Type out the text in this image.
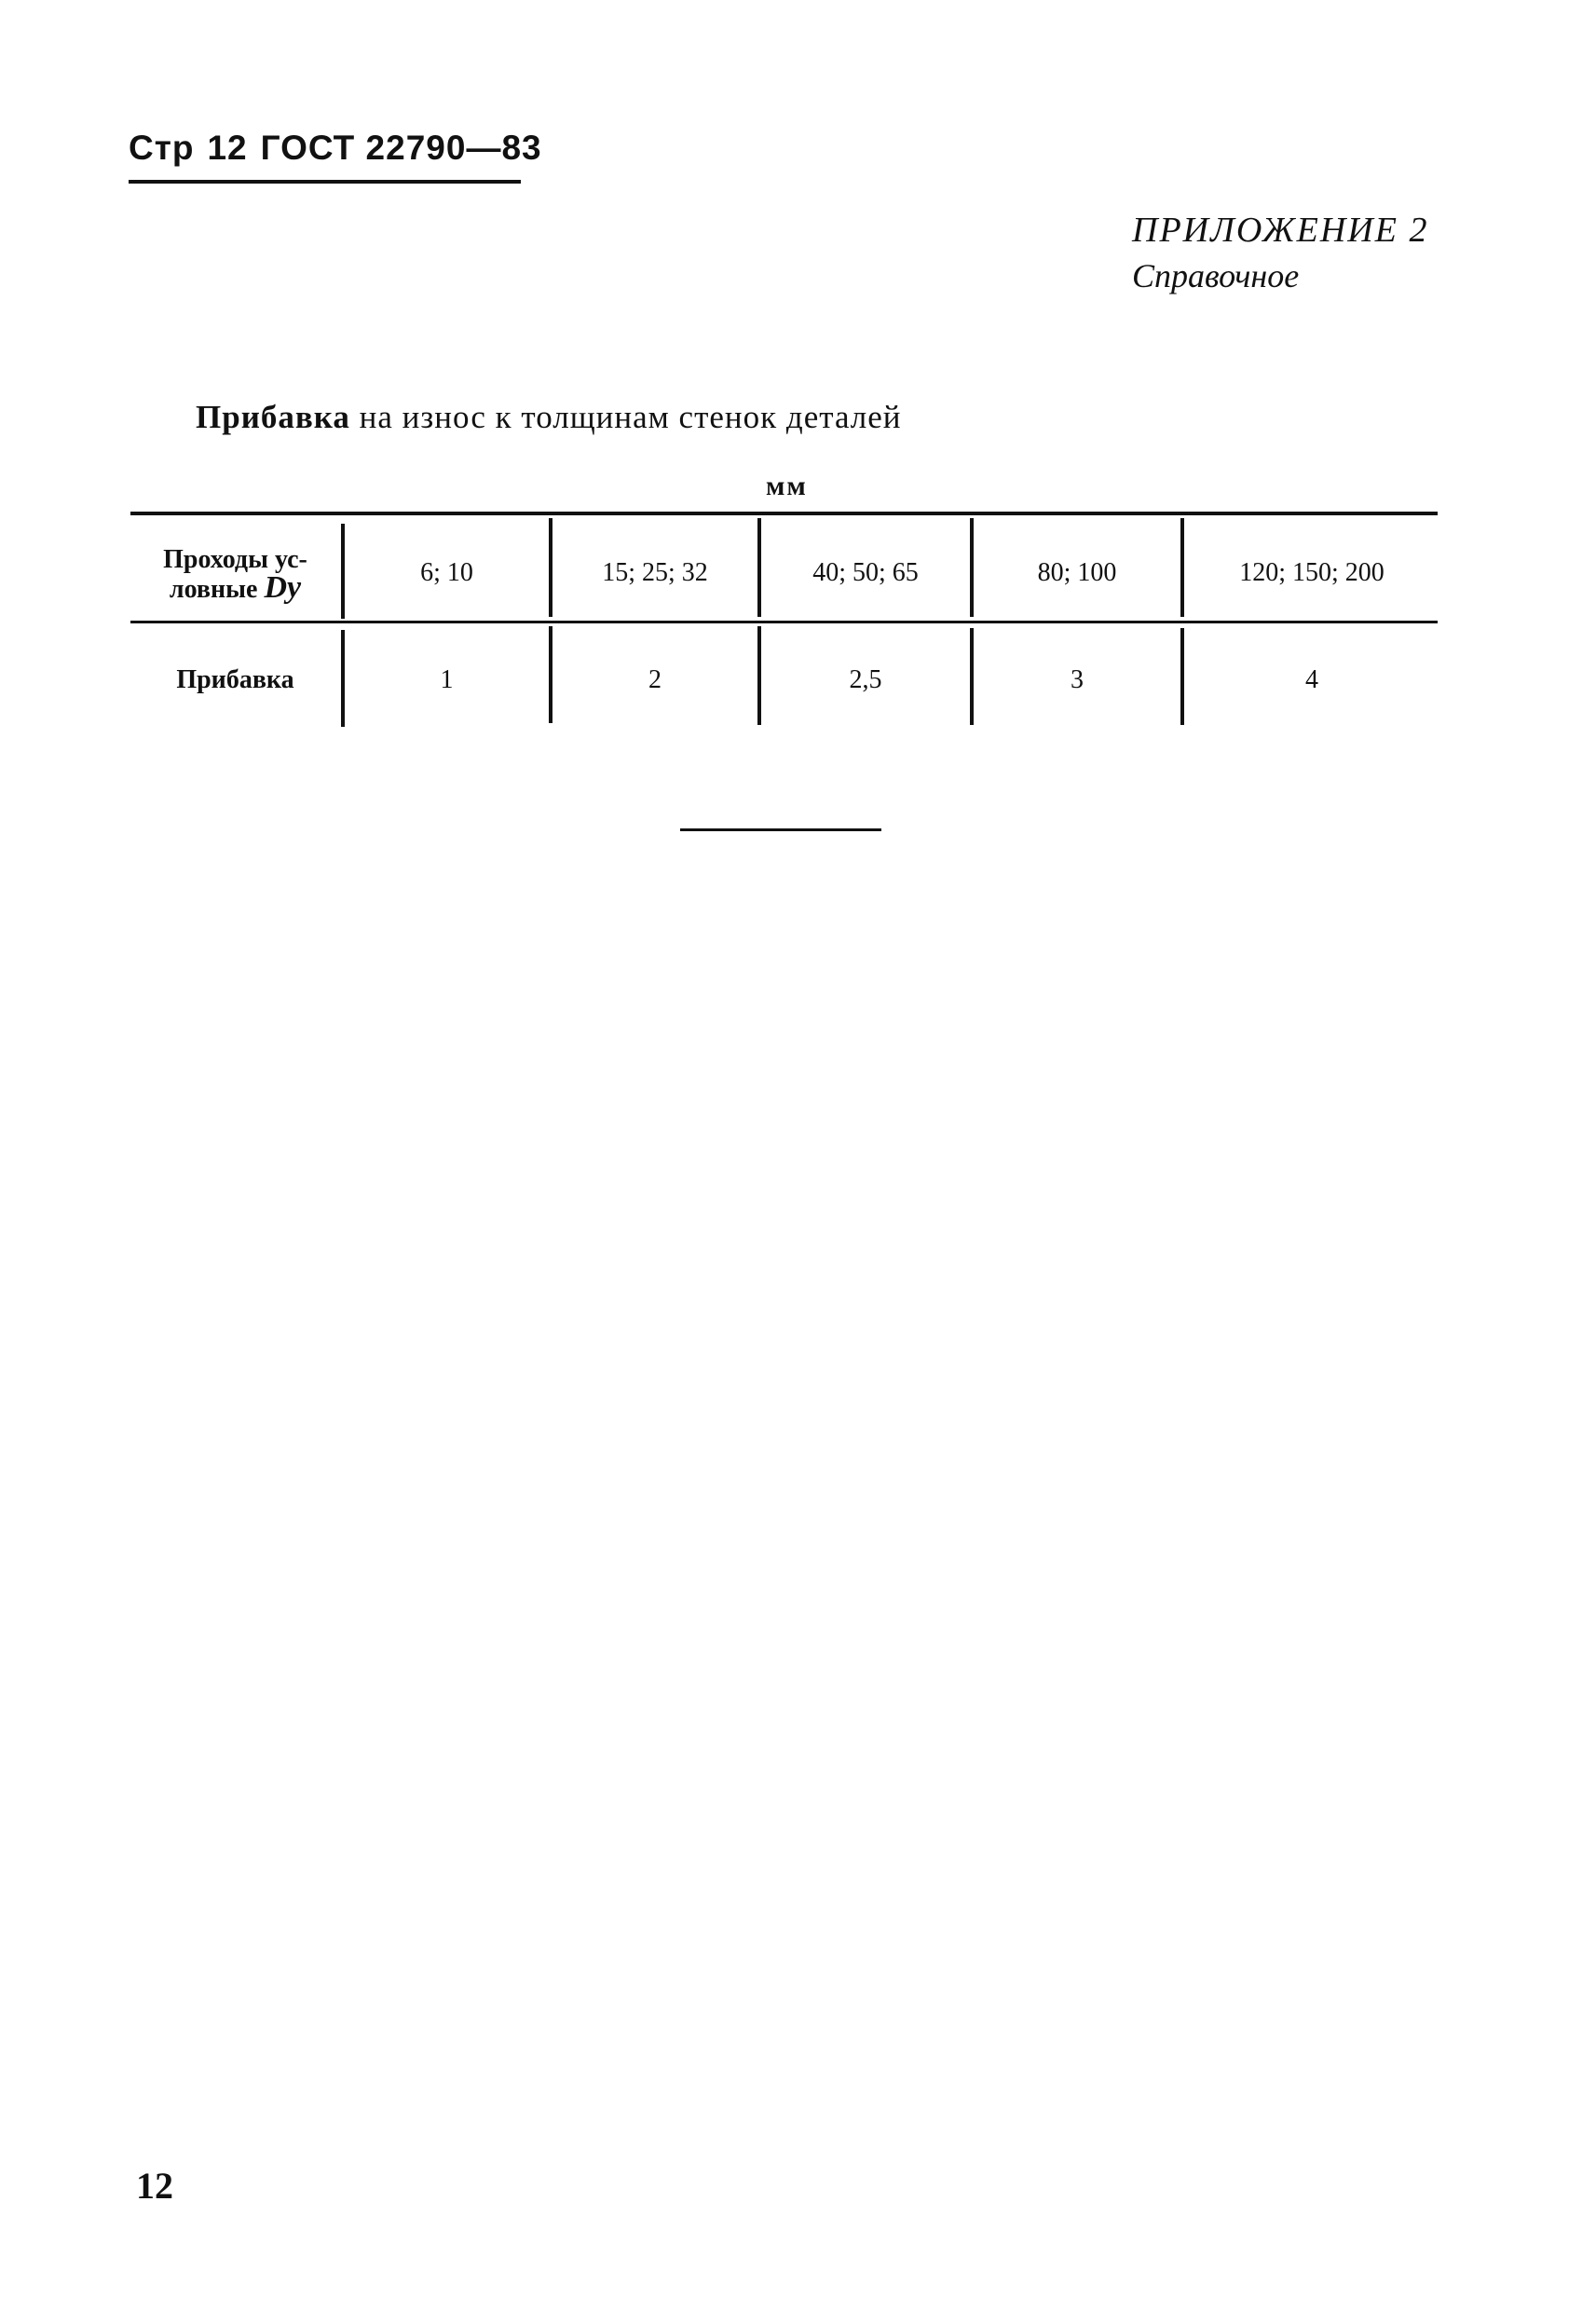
Стр 12 ГОСТ 22790—83
ПРИЛОЖЕНИЕ 2
Справочное
Прибавка на износ к толщинам стенок деталей
мм
Проходы ус-
ловные Dу	6; 10	15; 25; 32	40; 50; 65	80; 100	120; 150; 200
Прибавка	1	2	2,5	3	4
12
